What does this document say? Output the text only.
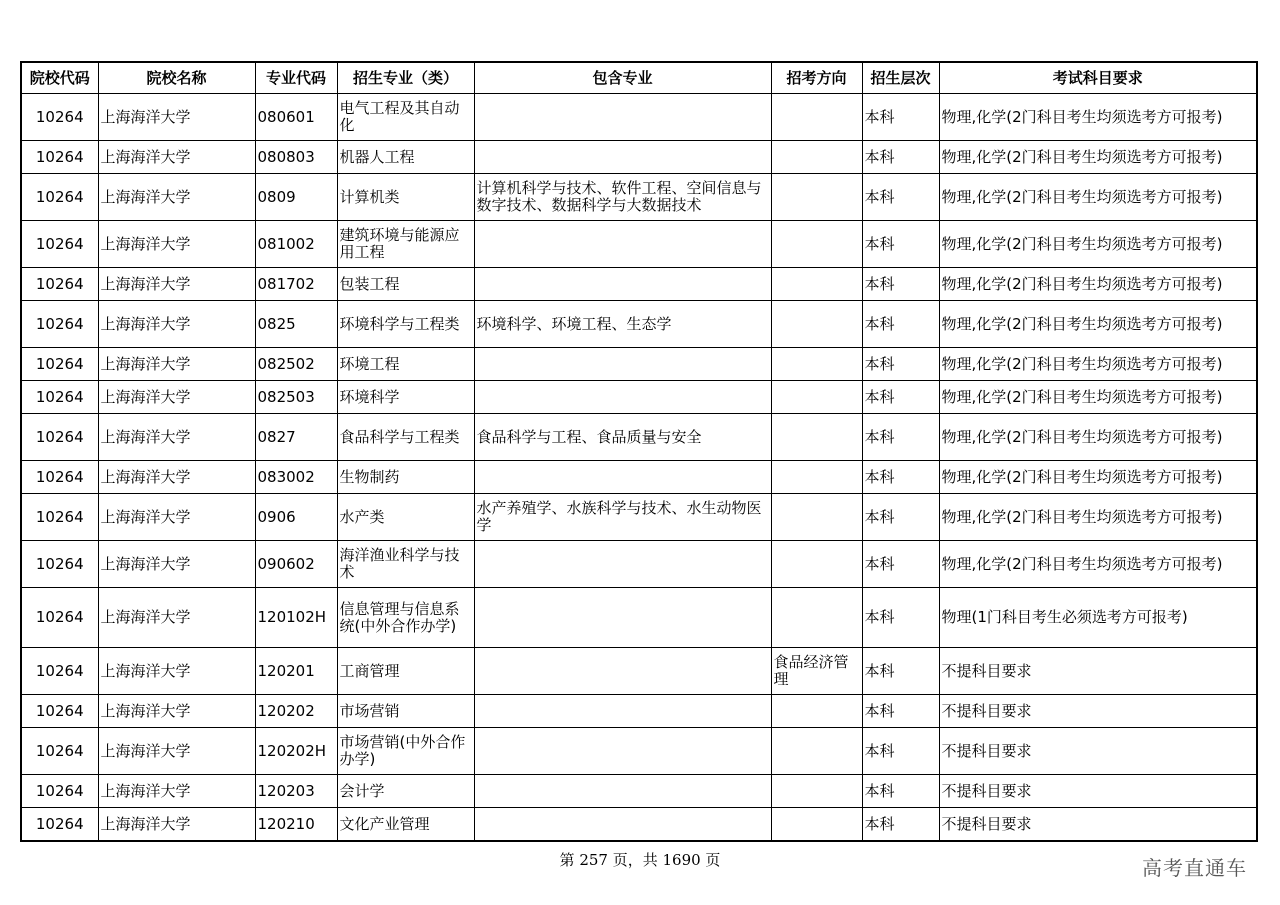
院校代码	院校名称	专业代码	招生专业（类）	包含专业	招考方向	招生层次	考试科目要求
10264	上海海洋大学	080601	电气工程及其自动化			本科	物理,化学(2门科目考生均须选考方可报考)
10264	上海海洋大学	080803	机器人工程			本科	物理,化学(2门科目考生均须选考方可报考)
10264	上海海洋大学	0809	计算机类	计算机科学与技术、软件工程、空间信息与数字技术、数据科学与大数据技术		本科	物理,化学(2门科目考生均须选考方可报考)
10264	上海海洋大学	081002	建筑环境与能源应用工程			本科	物理,化学(2门科目考生均须选考方可报考)
10264	上海海洋大学	081702	包装工程			本科	物理,化学(2门科目考生均须选考方可报考)
10264	上海海洋大学	0825	环境科学与工程类	环境科学、环境工程、生态学		本科	物理,化学(2门科目考生均须选考方可报考)
10264	上海海洋大学	082502	环境工程			本科	物理,化学(2门科目考生均须选考方可报考)
10264	上海海洋大学	082503	环境科学			本科	物理,化学(2门科目考生均须选考方可报考)
10264	上海海洋大学	0827	食品科学与工程类	食品科学与工程、食品质量与安全		本科	物理,化学(2门科目考生均须选考方可报考)
10264	上海海洋大学	083002	生物制药			本科	物理,化学(2门科目考生均须选考方可报考)
10264	上海海洋大学	0906	水产类	水产养殖学、水族科学与技术、水生动物医学		本科	物理,化学(2门科目考生均须选考方可报考)
10264	上海海洋大学	090602	海洋渔业科学与技术			本科	物理,化学(2门科目考生均须选考方可报考)
10264	上海海洋大学	120102H	信息管理与信息系统(中外合作办学)			本科	物理(1门科目考生必须选考方可报考)
10264	上海海洋大学	120201	工商管理		食品经济管理	本科	不提科目要求
10264	上海海洋大学	120202	市场营销			本科	不提科目要求
10264	上海海洋大学	120202H	市场营销(中外合作办学)			本科	不提科目要求
10264	上海海洋大学	120203	会计学			本科	不提科目要求
10264	上海海洋大学	120210	文化产业管理			本科	不提科目要求
第 257 页，共 1690 页	高考直通车
